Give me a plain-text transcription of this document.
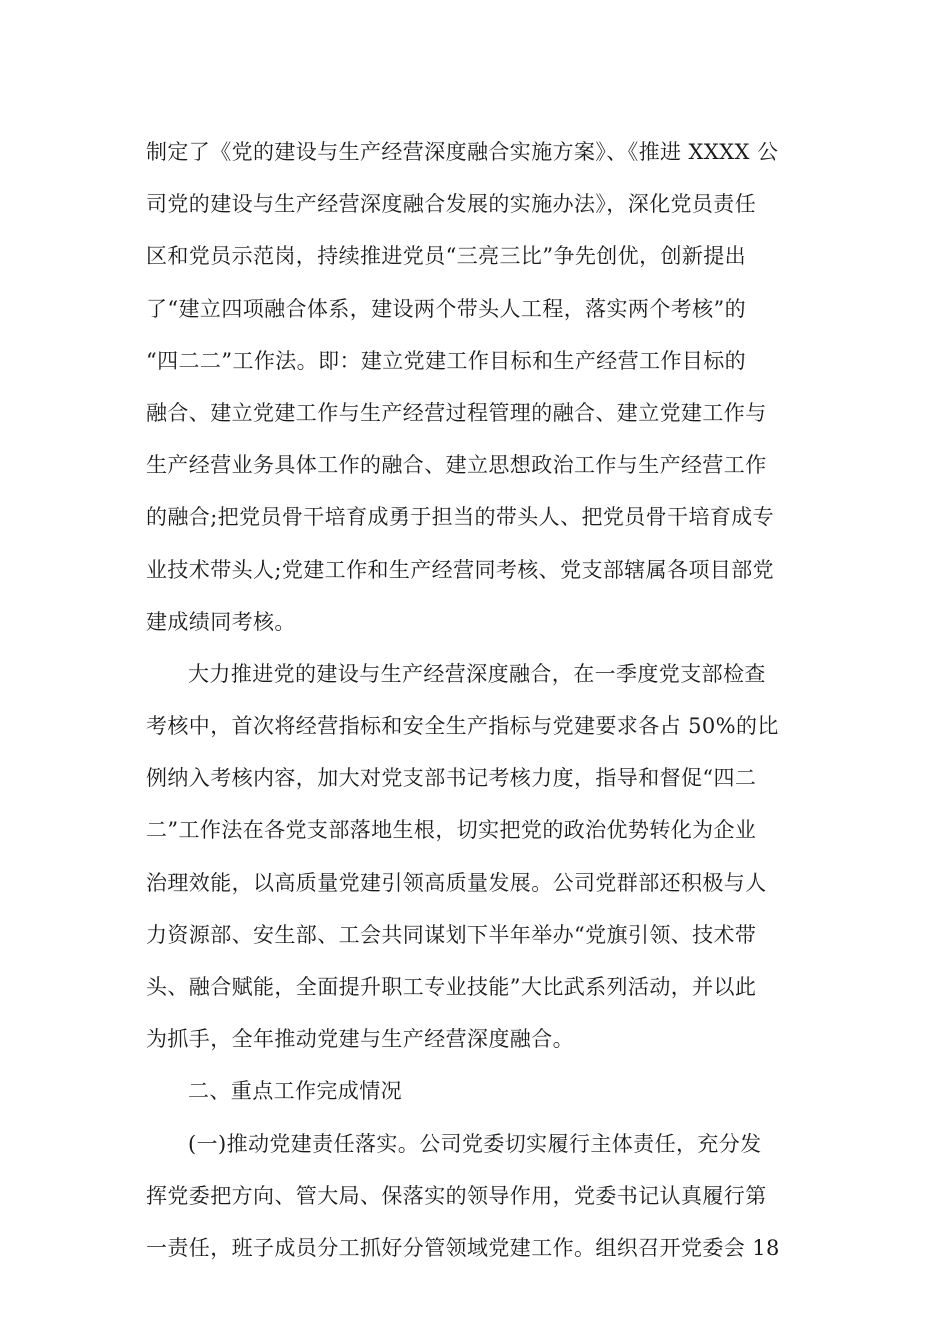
制定了《党的建设与生产经营深度融合实施方案》、《推进 XXXX 公
司党的建设与生产经营深度融合发展的实施办法》，深化党员责任
区和党员示范岗，持续推进党员“三亮三比”争先创优，创新提出
了“建立四项融合体系，建设两个带头人工程，落实两个考核”的
“四二二”工作法。即：建立党建工作目标和生产经营工作目标的
融合、建立党建工作与生产经营过程管理的融合、建立党建工作与
生产经营业务具体工作的融合、建立思想政治工作与生产经营工作
的融合;把党员骨干培育成勇于担当的带头人、把党员骨干培育成专
业技术带头人;党建工作和生产经营同考核、党支部辖属各项目部党
建成绩同考核。
大力推进党的建设与生产经营深度融合，在一季度党支部检查
考核中，首次将经营指标和安全生产指标与党建要求各占 50%的比
例纳入考核内容，加大对党支部书记考核力度，指导和督促“四二
二”工作法在各党支部落地生根，切实把党的政治优势转化为企业
治理效能，以高质量党建引领高质量发展。公司党群部还积极与人
力资源部、安生部、工会共同谋划下半年举办“党旗引领、技术带
头、融合赋能，全面提升职工专业技能”大比武系列活动，并以此
为抓手，全年推动党建与生产经营深度融合。
二、重点工作完成情况
(一)推动党建责任落实。公司党委切实履行主体责任，充分发
挥党委把方向、管大局、保落实的领导作用，党委书记认真履行第
一责任，班子成员分工抓好分管领域党建工作。组织召开党委会 18
